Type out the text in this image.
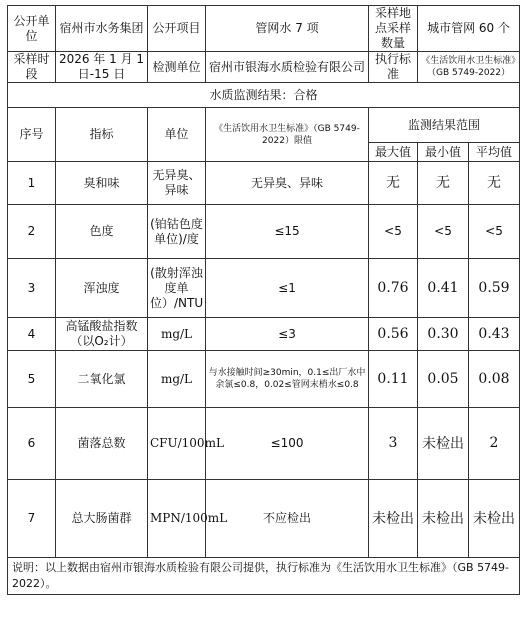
公开单位	宿州市水务集团	公开项目	管网水 7 项	采样地点采样数量	城市管网 60 个	
采样时段	2026 年 1 月 1 日-15 日	检测单位	宿州市银海水质检验有限公司	执行标准	《生活饮用水卫生标准》（GB 5749-2022）	
水质监测结果：合格						
序号	指标	单位	《生活饮用水卫生标准》（GB 5749-2022）限值	监测结果范围		
				最大值	最小值	平均值
1	臭和味	无异臭、异味	无异臭、异味	无	无	无
2	色度	(铂钴色度单位)/度	≤15	<5	<5	<5
3	浑浊度	(散射浑浊度单位）/NTU	≤1	0.76	0.41	0.59
4	高锰酸盐指数（以O₂计）	mg/L	≤3	0.56	0.30	0.43
5	二氧化氯	mg/L	与水接触时间≥30min，0.1≤出厂水中余氯≤0.8，0.02≤管网末梢水≤0.8	0.11	0.05	0.08
6	菌落总数	CFU/100mL	≤100	3	未检出	2
7	总大肠菌群	MPN/100mL	不应检出	未检出	未检出	未检出
说明：以上数据由宿州市银海水质检验有限公司提供，执行标准为《生活饮用水卫生标准》（GB 5749-2022）。						
